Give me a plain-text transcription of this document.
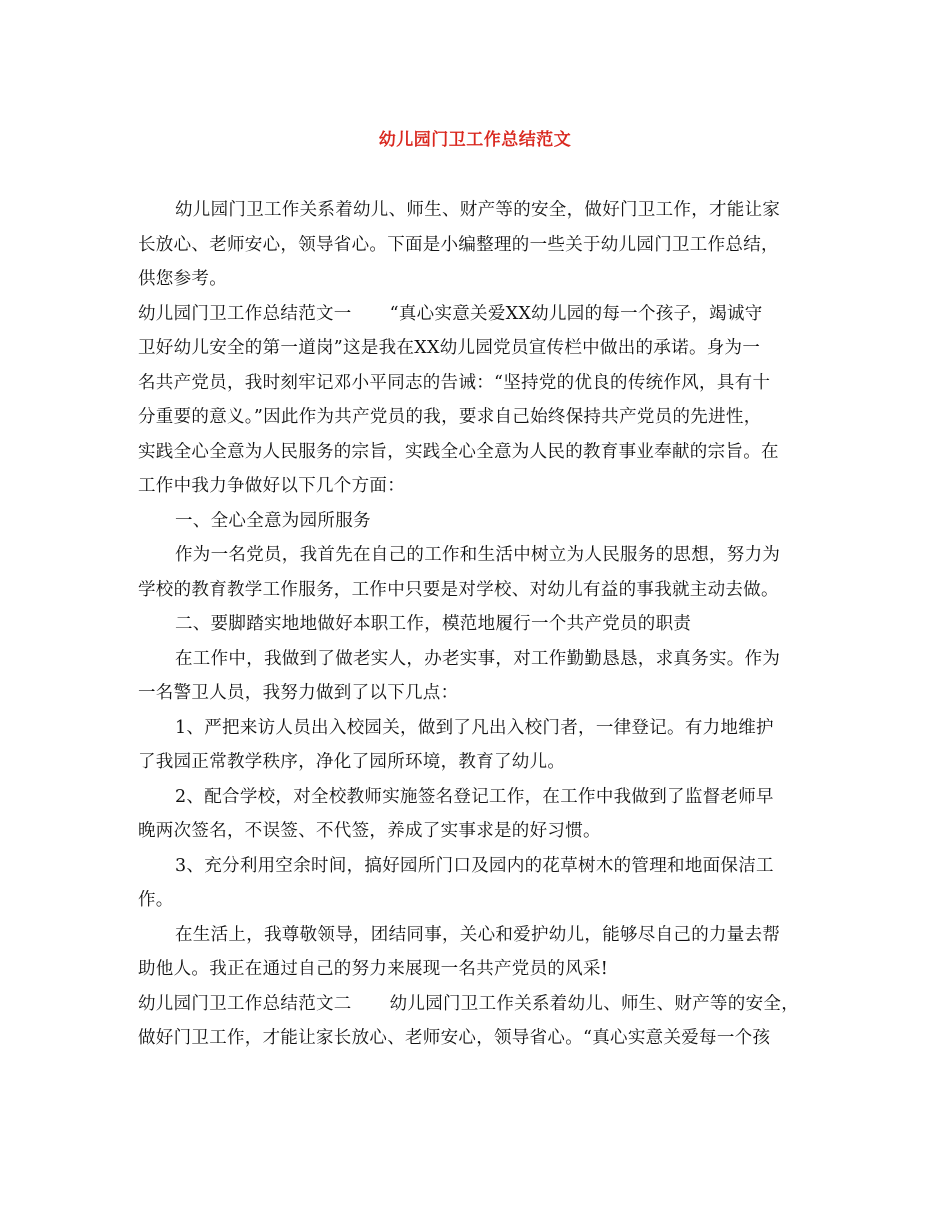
幼儿园门卫工作总结范文
幼儿园门卫工作关系着幼儿、师生、财产等的安全，做好门卫工作，才能让家
长放心、老师安心，领导省心。下面是小编整理的一些关于幼儿园门卫工作总结，
供您参考。
幼儿园门卫工作总结范文一 “真心实意关爱XX幼儿园的每一个孩子，竭诚守
卫好幼儿安全的第一道岗”这是我在XX幼儿园党员宣传栏中做出的承诺。身为一
名共产党员，我时刻牢记邓小平同志的告诫：“坚持党的优良的传统作风，具有十
分重要的意义。”因此作为共产党员的我，要求自己始终保持共产党员的先进性，
实践全心全意为人民服务的宗旨，实践全心全意为人民的教育事业奉献的宗旨。在
工作中我力争做好以下几个方面：
一、全心全意为园所服务
作为一名党员，我首先在自己的工作和生活中树立为人民服务的思想，努力为
学校的教育教学工作服务，工作中只要是对学校、对幼儿有益的事我就主动去做。
二、要脚踏实地地做好本职工作，模范地履行一个共产党员的职责
在工作中，我做到了做老实人，办老实事，对工作勤勤恳恳，求真务实。作为
一名警卫人员，我努力做到了以下几点：
1、严把来访人员出入校园关，做到了凡出入校门者，一律登记。有力地维护
了我园正常教学秩序，净化了园所环境，教育了幼儿。
2、配合学校，对全校教师实施签名登记工作，在工作中我做到了监督老师早
晚两次签名，不误签、不代签，养成了实事求是的好习惯。
3、充分利用空余时间，搞好园所门口及园内的花草树木的管理和地面保洁工
作。
在生活上，我尊敬领导，团结同事，关心和爱护幼儿，能够尽自己的力量去帮
助他人。我正在通过自己的努力来展现一名共产党员的风采!
幼儿园门卫工作总结范文二 幼儿园门卫工作关系着幼儿、师生、财产等的安全，
做好门卫工作，才能让家长放心、老师安心，领导省心。“真心实意关爱每一个孩
